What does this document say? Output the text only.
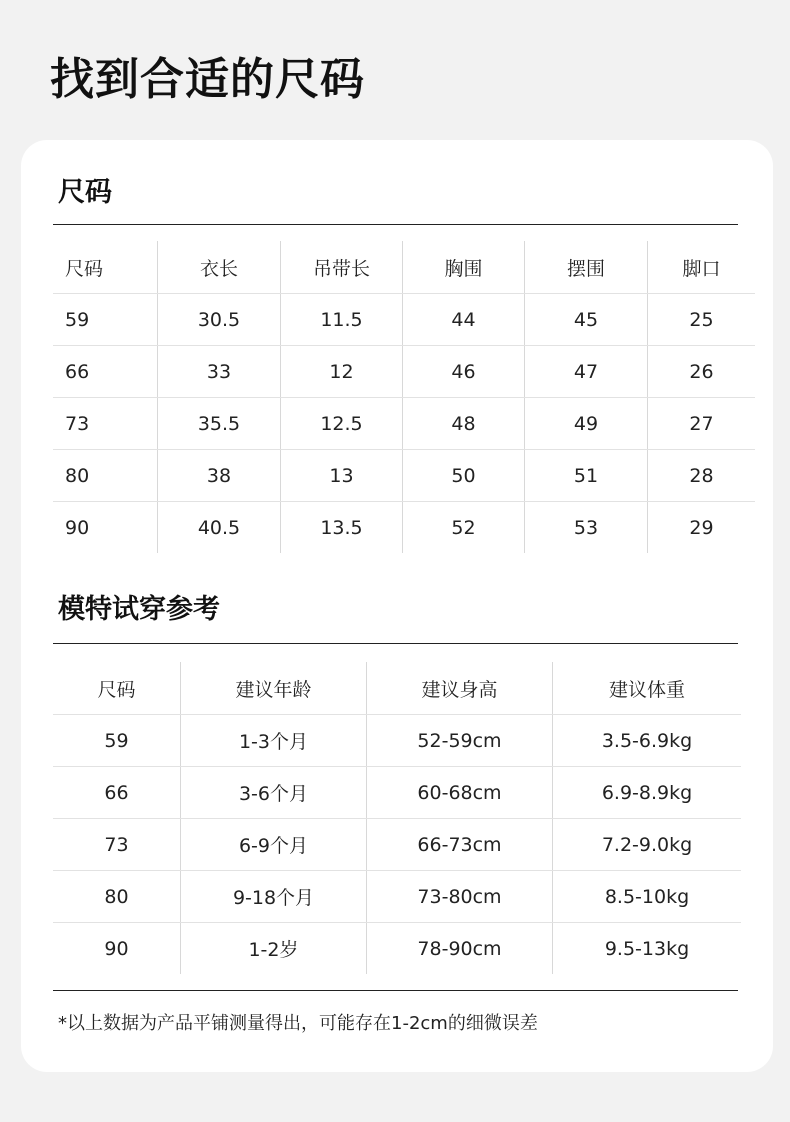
找到合适的尺码
尺码
尺码	衣长	吊带长	胸围	摆围	脚口
59	30.5	11.5	44	45	25
66	33	12	46	47	26
73	35.5	12.5	48	49	27
80	38	13	50	51	28
90	40.5	13.5	52	53	29
模特试穿参考
尺码	建议年龄	建议身高	建议体重
59	1-3个月	52-59cm	3.5-6.9kg
66	3-6个月	60-68cm	6.9-8.9kg
73	6-9个月	66-73cm	7.2-9.0kg
80	9-18个月	73-80cm	8.5-10kg
90	1-2岁	78-90cm	9.5-13kg
*以上数据为产品平铺测量得出，可能存在1-2cm的细微误差
